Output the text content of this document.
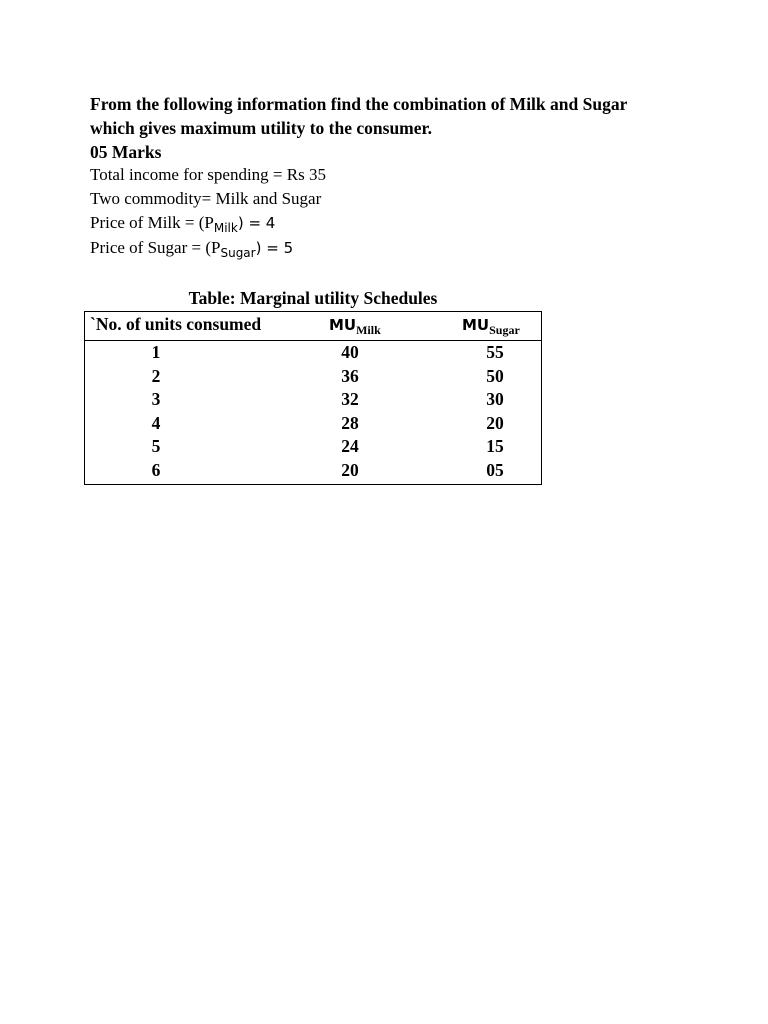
From the following information find the combination of Milk and Sugar
which gives maximum utility to the consumer.
05 Marks
Total income for spending = Rs 35
Two commodity= Milk and Sugar
Price of Milk = $(P_{Milk}) = 4$
Price of Sugar = $(P_{Sugar}) = 5$
Table: Marginal utility Schedules
`No. of units consumed	$MU_{Milk}$	$MU_{Sugar}$
1	40	55
2	36	50
3	32	30
4	28	20
5	24	15
6	20	05
